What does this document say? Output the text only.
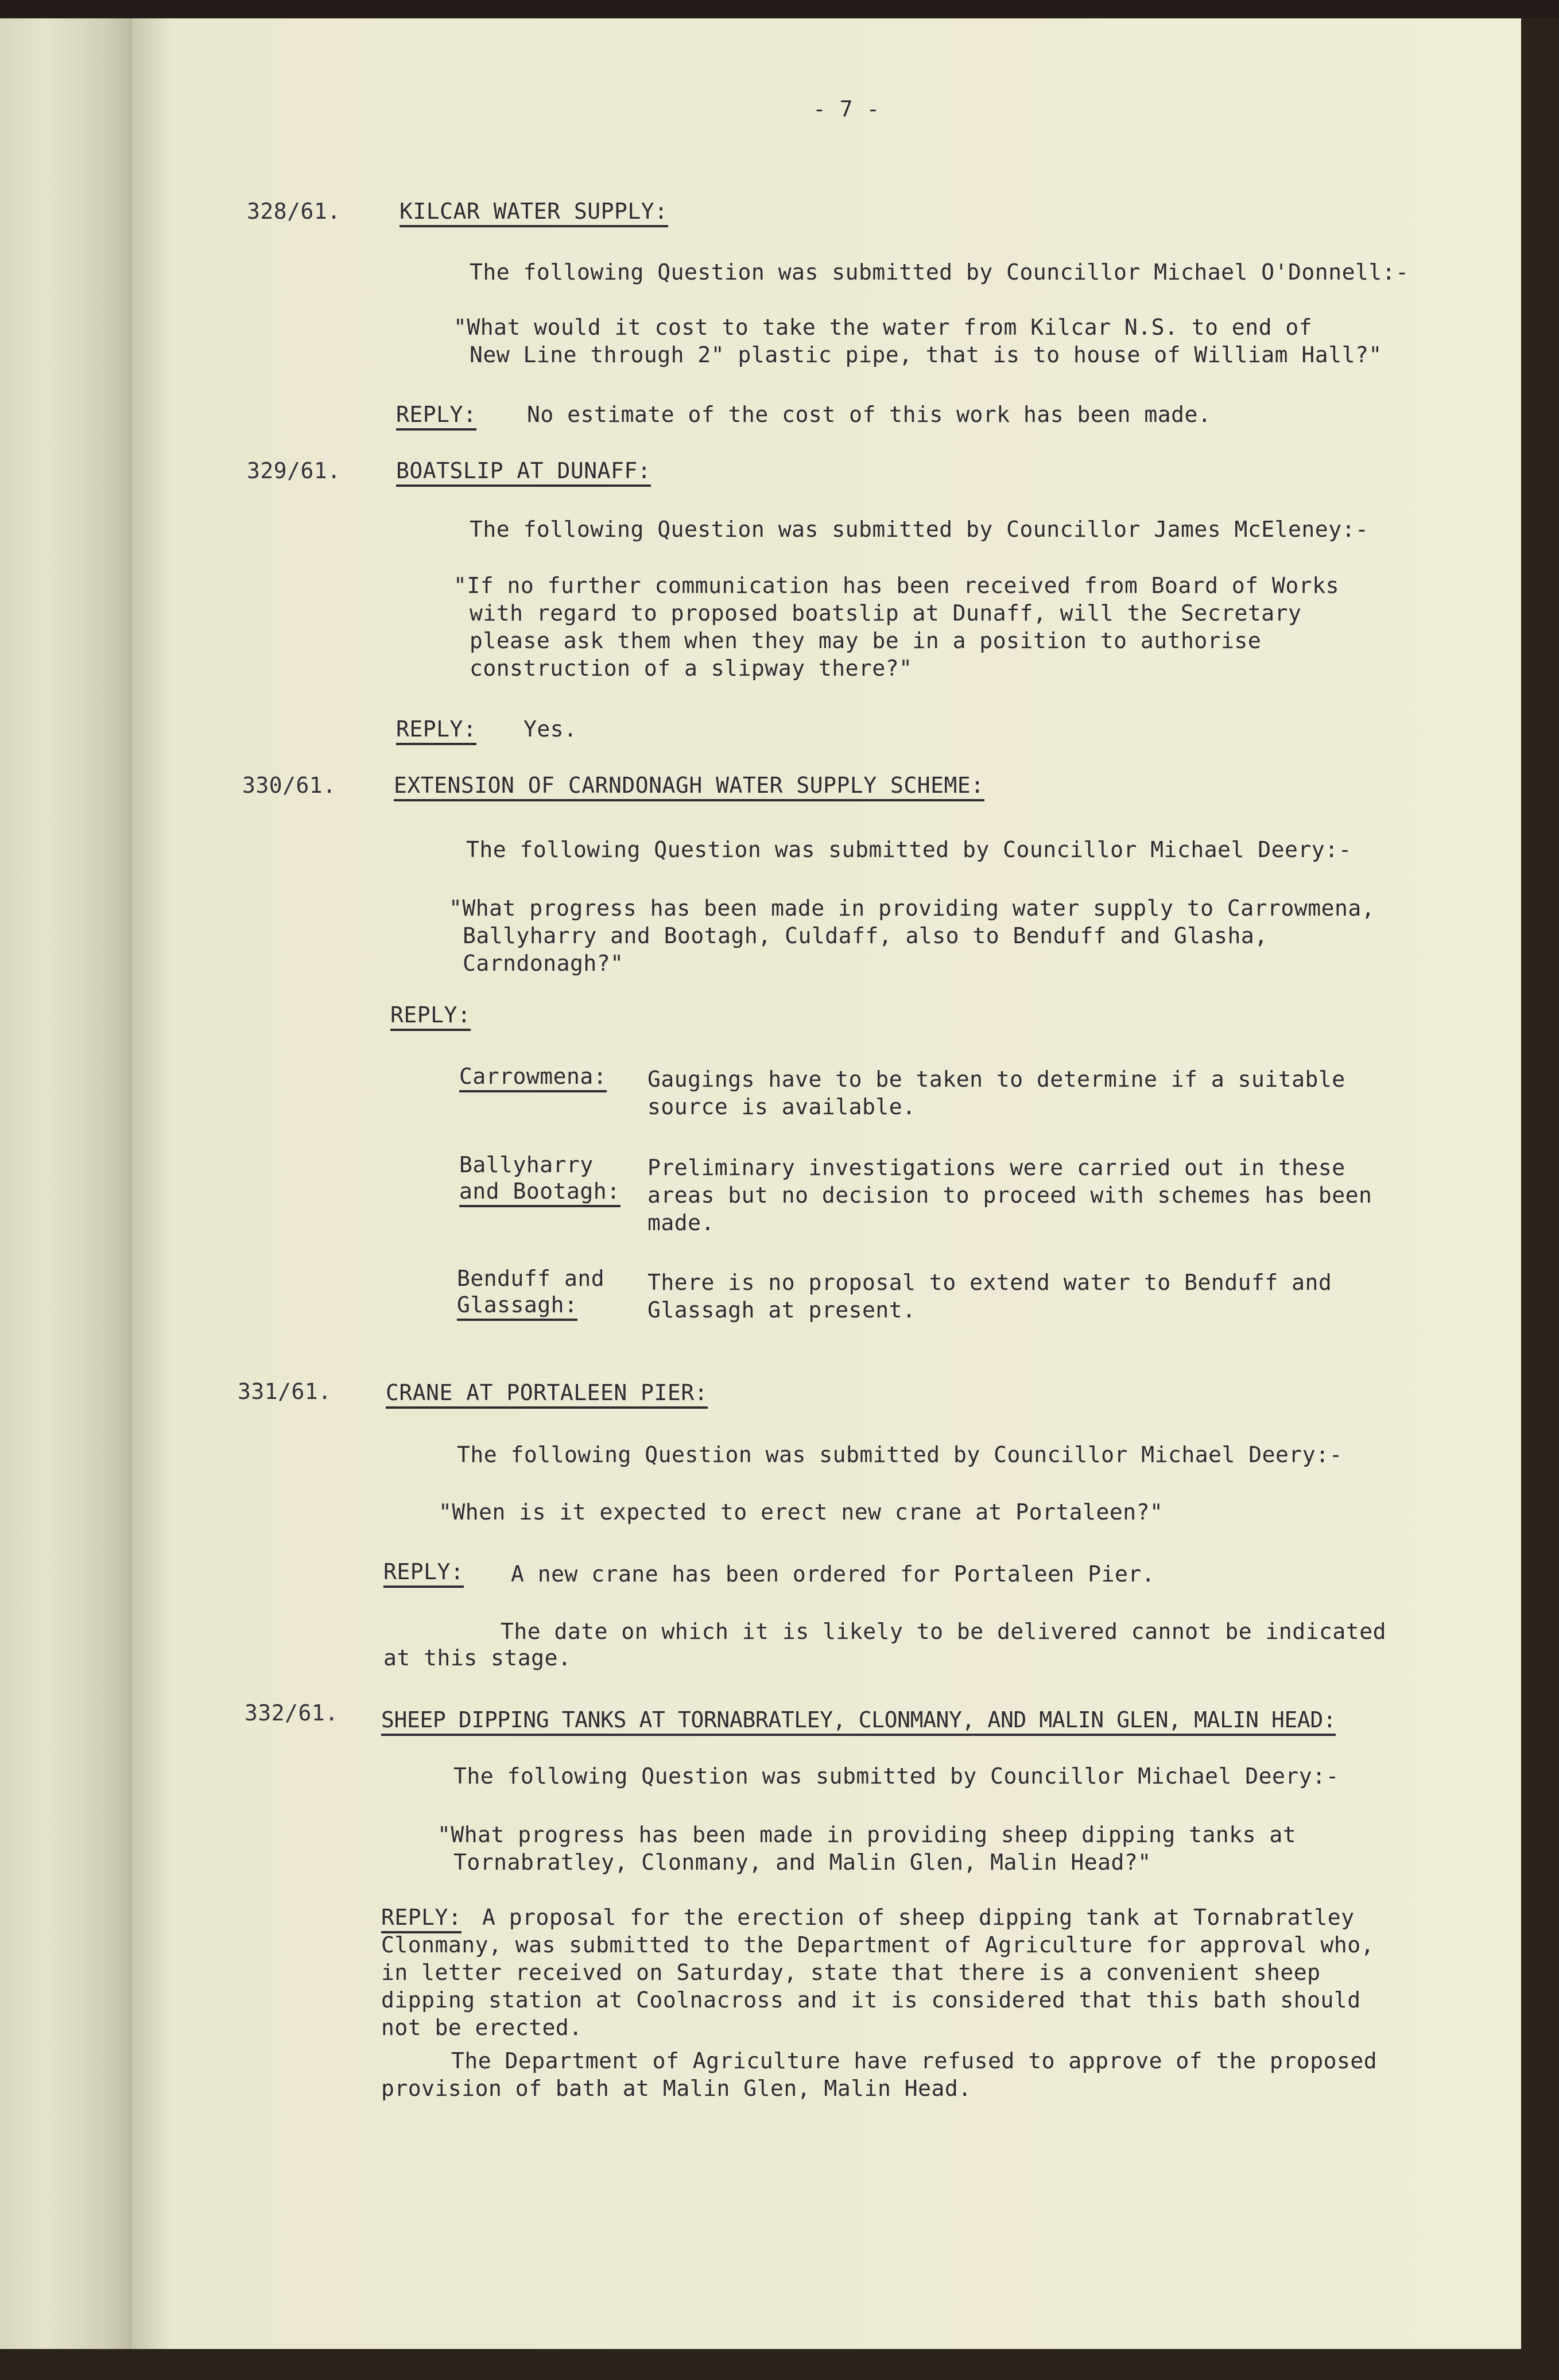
- 7 -

328/61.	KILCAR WATER SUPPLY:

The following Question was submitted by Councillor Michael O'Donnell:-

"What would it cost to take the water from Kilcar N.S. to end of

New Line through 2" plastic pipe, that is to house of William Hall?"

REPLY: No estimate of the cost of this work has been made.

329/61.	BOATSLIP AT DUNAFF:

The following Question was submitted by Councillor James McEleney:-

"If no further communication has been received from Board of Works

with regard to proposed boatslip at Dunaff, will the Secretary

please ask them when they may be in a position to authorise

construction of a slipway there?"

REPLY: Yes.

330/61.	EXTENSION OF CARNDONAGH WATER SUPPLY SCHEME:

The following Question was submitted by Councillor Michael Deery:-

"What progress has been made in providing water supply to Carrowmena,

Ballyharry and Bootagh, Culdaff, also to Benduff and Glasha,

Carndonagh?"

REPLY:

Carrowmena: Gaugings have to be taken to determine if a suitable

source is available.

Ballyharry

and Bootagh:

Preliminary investigations were carried out in these

areas but no decision to proceed with schemes has been

made.

Benduff and

Glassagh:

There is no proposal to extend water to Benduff and

Glassagh at present.

331/61. CRANE AT PORTALEEN PIER:

The following Question was submitted by Councillor Michael Deery:-

"When is it expected to erect new crane at Portaleen?"

REPLY: A new crane has been ordered for Portaleen Pier.

The date on which it is likely to be delivered cannot be indicated

at this stage.

332/61. SHEEP DIPPING TANKS AT TORNABRATLEY, CLONMANY, AND MALIN GLEN, MALIN HEAD:

The following Question was submitted by Councillor Michael Deery:-

"What progress has been made in providing sheep dipping tanks at

Tornabratley, Clonmany, and Malin Glen, Malin Head?"

REPLY: A proposal for the erection of sheep dipping tank at Tornabratley

Clonmany, was submitted to the Department of Agriculture for approval who,

in letter received on Saturday, state that there is a convenient sheep

dipping station at Coolnacross and it is considered that this bath should

not be erected.

The Department of Agriculture have refused to approve of the proposed

provision of bath at Malin Glen, Malin Head.
